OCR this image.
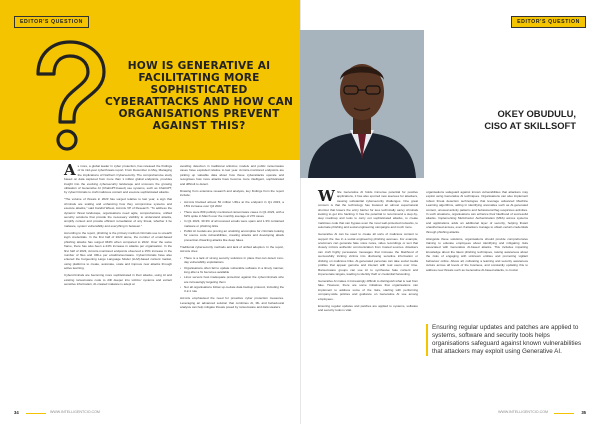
EDITOR'S QUESTION
HOW IS GENERATIVE AI FACILITATING MORE SOPHISTICATED CYBERATTACKS AND HOW CAN ORGANISATIONS PREVENT AGAINST THIS?

As more, a global leader in cyber protection, has released the findings of its mid-year cyberthreats report. From December to May, Managing the implications of Northern Cybersecurity. The comprehensive study based on data captured from more than 1 million global endpoints, provides insight into the evolving cybersecurity landscape and uncovers the growing utilisation of Generative AI (ChatGPT-based) use systems, such as ChatGPT, by cybercriminals to craft malicious content and execute sophisticated attacks.

"The volume of threats in 2023 has surged relative to last year, a sign that criminals are scaling and enhancing how they compromise systems and execute attacks," said Candid Wüest, Acronis VP of Research. "To address the dynamic threat landscape, organisations need agile, comprehensive, unified security solutions that provide the necessary visibility to understand attacks, simplify context and provide efficient remediation of any threat, whether it be malware, system vulnerability and everything in between."

According to the report, phishing is the primary method criminals use to unearth login credentials. In the first half of 2023 alone, the number of email-based phishing attacks has surged 464% when compared to 2022. Over the same frame, there has also been a 24% increase in attacks per organisation. In the first half of 2023, Acronis-monitored endpoints observed a 15% increase in the number of files and URLs per email/ransomware. Cybercriminals have also entered the burgeoning Large Language Model (LLM)-based content market, using platforms to create, automate, scale and improve new attacks through active learning.

Cybercriminals are becoming more sophisticated in their attacks, using AI and existing ransomware code to drill deeper into victims' systems and extract sensitive information. AI-created malware is adept at

avoiding detection in traditional antivirus models and public ransomware cases have exploded relative to last year. Acronis-monitored endpoints are picking up valuable data about how these cyberattacks operate and recognises how more attacks have become more intelligent, sophisticated and difficult to detect.

Drawing from extensive research and analysis, key findings from the report include:

• Acronis blocked almost 50 million URLs at the endpoint in Q1 2023, a 15% increase over Q4 2022
• There were 809 publicly mentioned ransomware cases in Q1 2023, with a 62% spike in March over the monthly average of 270 cases
• In Q1 2023, 30.3% of all received emails were spam and 1.3% contained malware or phishing links
• Public AI models are proving an unwitting accomplice for criminals looking for source code vulnerabilities, creating attacks and developing attack prevention-thwarting attacks like deep fakes

Traditional cybersecurity methods and lack of unified adoption. In the report, Acronis cites:

• There is a lack of strong security solutions in place that can detect zero-day vulnerability exploitations
• Organisations often fail to update vulnerable software in a timely manner, long after a fix becomes available
• Linux servers host inadequate protection against the cybercriminals who are increasingly targeting them
• Not all organisations follow up-to-date data backup protocol, including the 3-2-1 rule

Acronis emphasised the need for proactive cyber protection measures. Leveraging an advanced solution that combines AI, ML and behavioural analysis can help mitigate threats posed by ransomware and data stealers.

34	WWW.INTELLIGENTCIO.COM
EDITOR'S QUESTION
OKEY OBUDULU,
CISO AT SKILLSOFT

While Generative AI holds immense potential for positive applications, it has also spurred new avenues for attackers, causing substantial cybersecurity challenges. One great concern is that the technology has fostered an almost supernatural shortcut that lowers the entry barrier for less technically savvy criminals looking to get into hacking. It has the potential to recommend a step-by-step roadmap and tools to carry out sophisticated attacks, to create malicious code that can bypass even the most well-protected networks, to automate phishing and social engineering campaigns and much more.

Generative AI can be used to create all sorts of malicious content to support the rise in a social engineering phishing avenues. For example, scammers can generate fake voice notes, video recordings or text that closely mimics authentic communication from trusted sources. Attackers can craft highly persuasive messages that increase the likelihood of successfully tricking victims into disclosing sensitive information or clicking on malicious links. AI-generated personas can take social media profiles that appear genuine and interact with real users over time. Ransomware groups can use AI to synthesise fake content and impersonate targets, leading to identity theft or credential harvesting.

Generative AI makes it increasingly difficult to distinguish what is real from fake. However, there are some initiatives that organisations can implement to address some of the risks, starting with performing company-wide policies and guidance on Generative AI use among employees.

Ensuring regular updates and patches are applied to systems, software and security tools is vital.

organisations safeguard against known vulnerabilities that attackers may exploit using Generative AI techniques. Organisations can also implement robust threat detection technologies that leverage advanced Machine Learning algorithms, aiding in identifying anomalies such as AI-generated content, unusual activity patterns and behavioural flag suspicious activities. In such situations, organisations can enhance their likelihood of successful attacks. Implementing Multi-Factor Authentication (MFA) across systems and applications adds an additional layer of security, helping thwart unauthorised access, even if attackers manage to obtain certain credentials through phishing attacks.

Alongside these solutions, organisations should provide comprehensive training to educate employees about identifying and mitigating risks associated with Generative AI-based attacks. This includes imparting knowledge about the latest phishing techniques, raising awareness about the risks of engaging with unknown entities and promoting vigilant behaviour online. Above all, cultivating a learning and security awareness culture across all levels of the business, and constantly updating this to address new threats such as Generative AI-based attacks, is crucial.

Ensuring regular updates and patches are applied to systems, software and security tools helps organisations safeguard against known vulnerabilities that attackers may exploit using Generative AI.
WWW.INTELLIGENTCIO.COM	35
